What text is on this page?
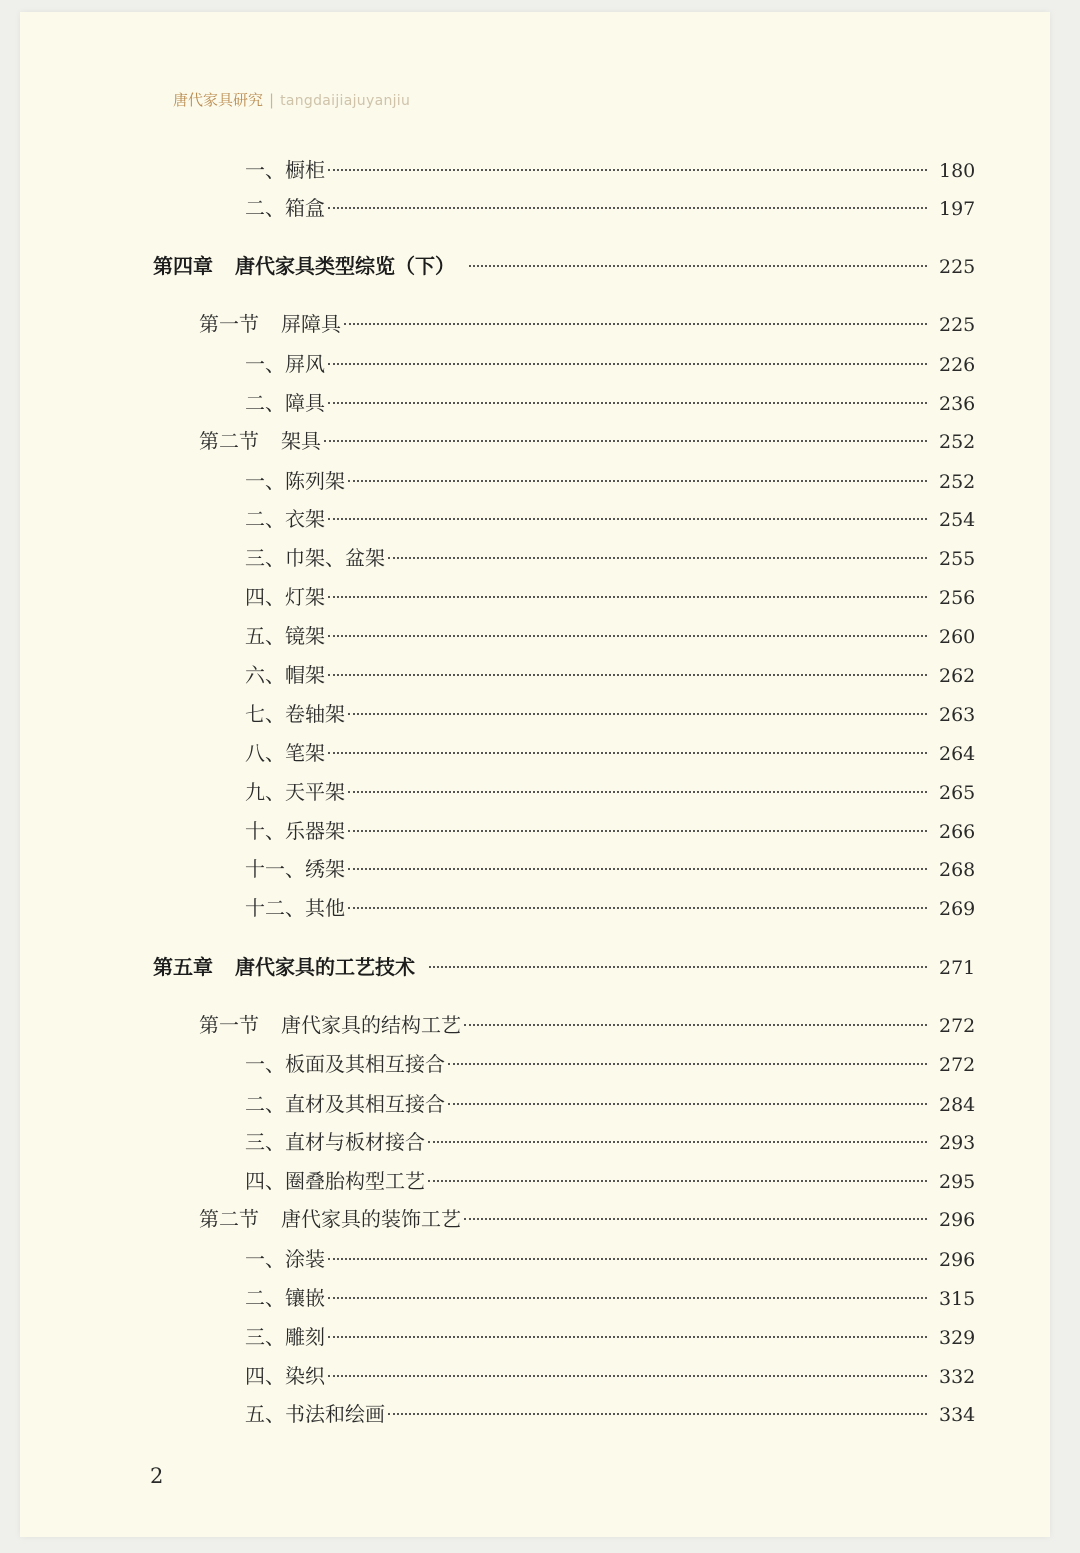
唐代家具研究 | tangdaijiajuyanjiu
一、橱柜	180
二、箱盒	197
第四章 唐代家具类型综览（下）	225
第一节 屏障具	225
一、屏风	226
二、障具	236
第二节 架具	252
一、陈列架	252
二、衣架	254
三、巾架、盆架	255
四、灯架	256
五、镜架	260
六、帽架	262
七、卷轴架	263
八、笔架	264
九、天平架	265
十、乐器架	266
十一、绣架	268
十二、其他	269
第五章 唐代家具的工艺技术	271
第一节 唐代家具的结构工艺	272
一、板面及其相互接合	272
二、直材及其相互接合	284
三、直材与板材接合	293
四、圈叠胎构型工艺	295
第二节 唐代家具的装饰工艺	296
一、涂装	296
二、镶嵌	315
三、雕刻	329
四、染织	332
五、书法和绘画	334
2
